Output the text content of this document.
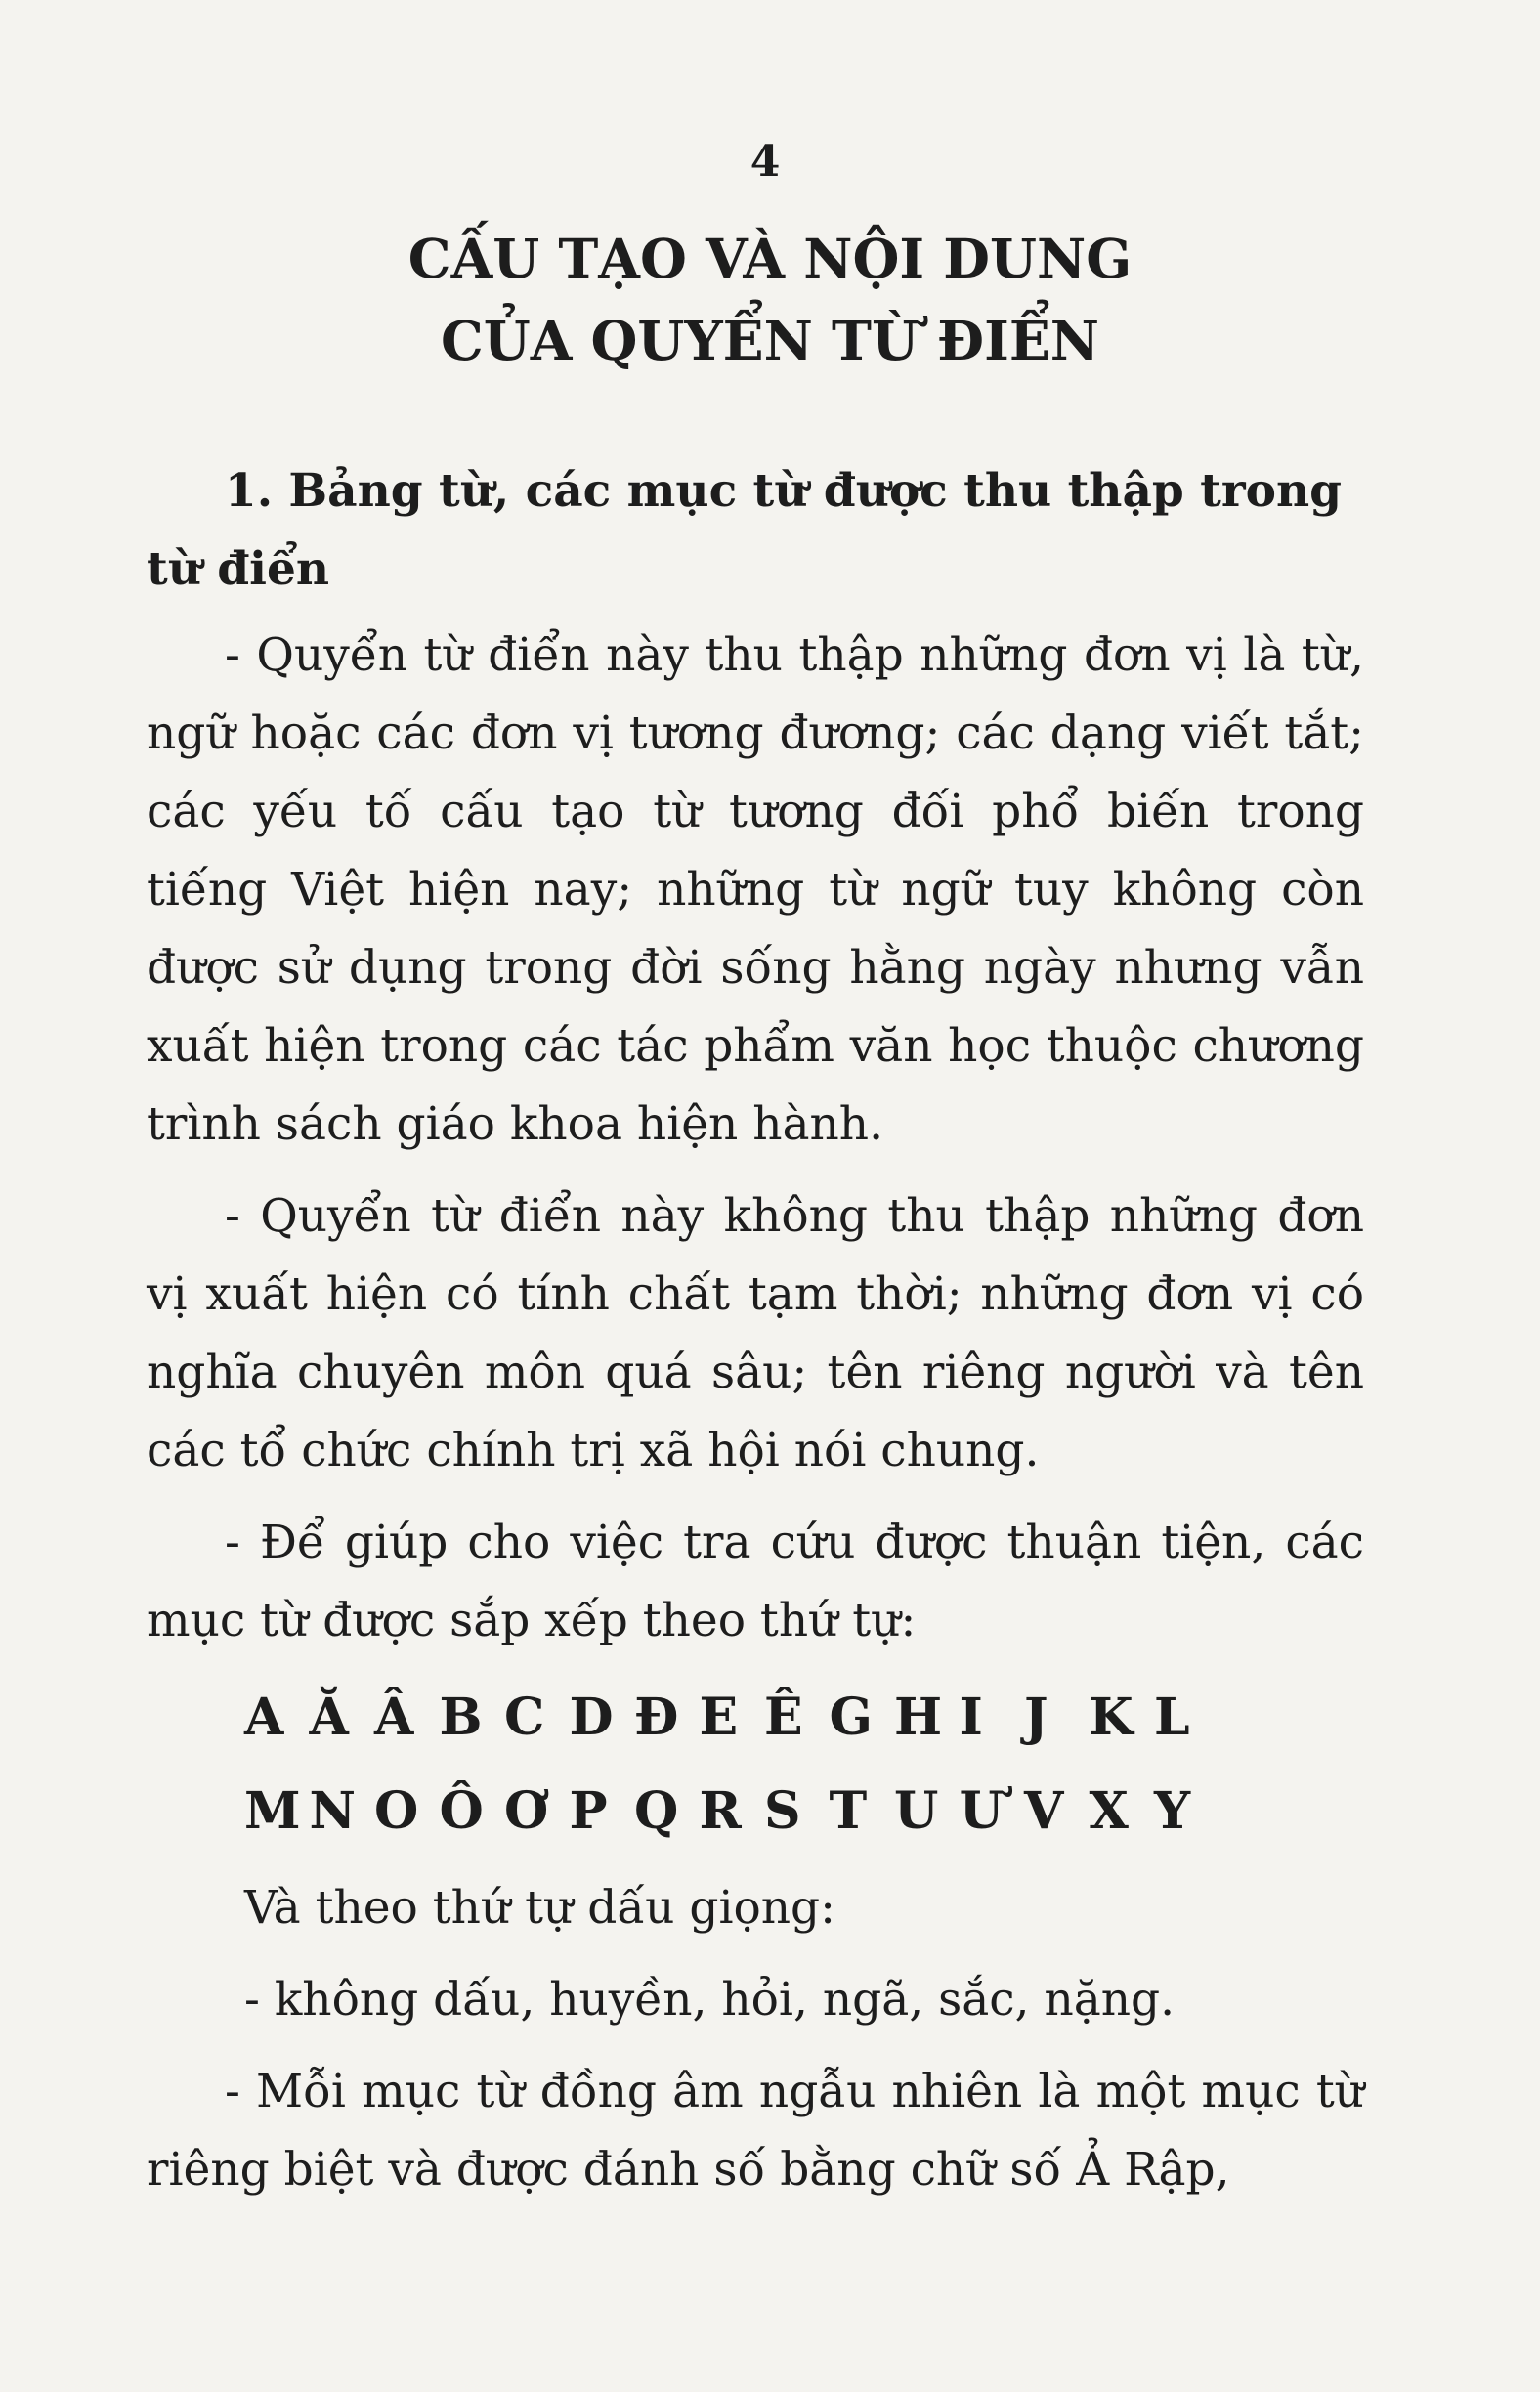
4
CẤU TẠO VÀ NỘI DUNG
CỦA QUYỂN TỪ ĐIỂN
1. Bảng từ, các mục từ được thu thập trong từ điển

- Quyển từ điển này thu thập những đơn vị là từ, ngữ hoặc các đơn vị tương đương; các dạng viết tắt; các yếu tố cấu tạo từ tương đối phổ biến trong tiếng Việt hiện nay; những từ ngữ tuy không còn được sử dụng trong đời sống hằng ngày nhưng vẫn xuất hiện trong các tác phẩm văn học thuộc chương trình sách giáo khoa hiện hành.

- Quyển từ điển này không thu thập những đơn vị xuất hiện có tính chất tạm thời; những đơn vị có nghĩa chuyên môn quá sâu; tên riêng người và tên các tổ chức chính trị xã hội nói chung.

- Để giúp cho việc tra cứu được thuận tiện, các mục từ được sắp xếp theo thứ tự:

A Ă Â B C D Đ E Ê G H I J K L
M N O Ô Ơ P Q R S T U Ư V X Y
Và theo thứ tự dấu giọng:
- không dấu, huyền, hỏi, ngã, sắc, nặng.

- Mỗi mục từ đồng âm ngẫu nhiên là một mục từ riêng biệt và được đánh số bằng chữ số Ả Rập,
